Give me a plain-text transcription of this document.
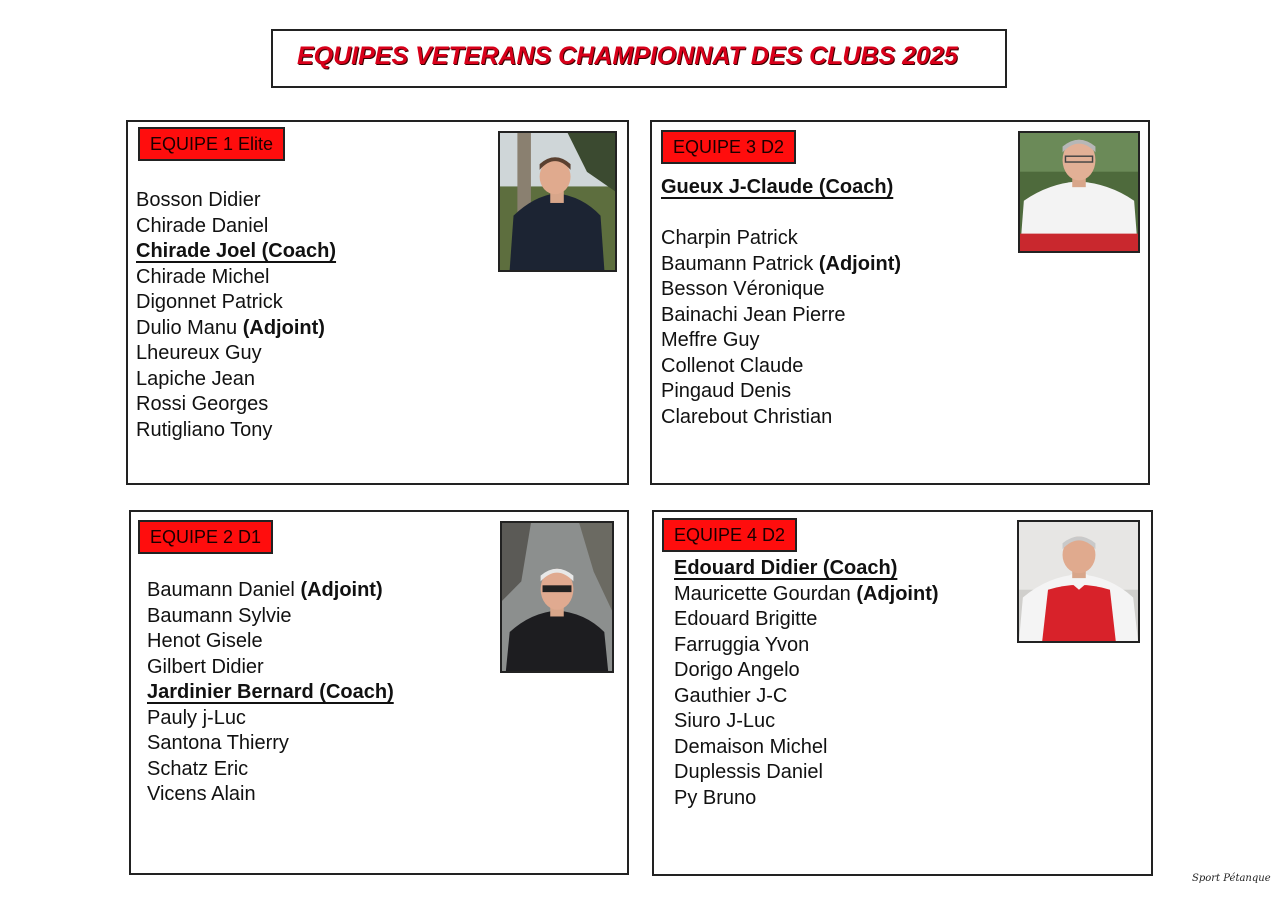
EQUIPES VETERANS CHAMPIONNAT DES CLUBS 2025
EQUIPE 1 Elite
Bosson Didier
Chirade Daniel
Chirade Joel (Coach)
Chirade Michel
Digonnet Patrick
Dulio Manu (Adjoint)
Lheureux Guy
Lapiche Jean
Rossi Georges
Rutigliano Tony
EQUIPE 3 D2
Gueux J-Claude (Coach)
Charpin Patrick
Baumann Patrick (Adjoint)
Besson Véronique
Bainachi Jean Pierre
Meffre Guy
Collenot Claude
Pingaud Denis
Clarebout Christian
EQUIPE 2 D1
Baumann Daniel (Adjoint)
Baumann Sylvie
Henot Gisele
Gilbert Didier
Jardinier Bernard (Coach)
Pauly j-Luc
Santona Thierry
Schatz Eric
Vicens Alain
EQUIPE 4 D2
Edouard Didier (Coach)
Mauricette Gourdan (Adjoint)
Edouard Brigitte
Farruggia Yvon
Dorigo Angelo
Gauthier J-C
Siuro J-Luc
Demaison Michel
Duplessis Daniel
Py Bruno
Sport Pétanque
